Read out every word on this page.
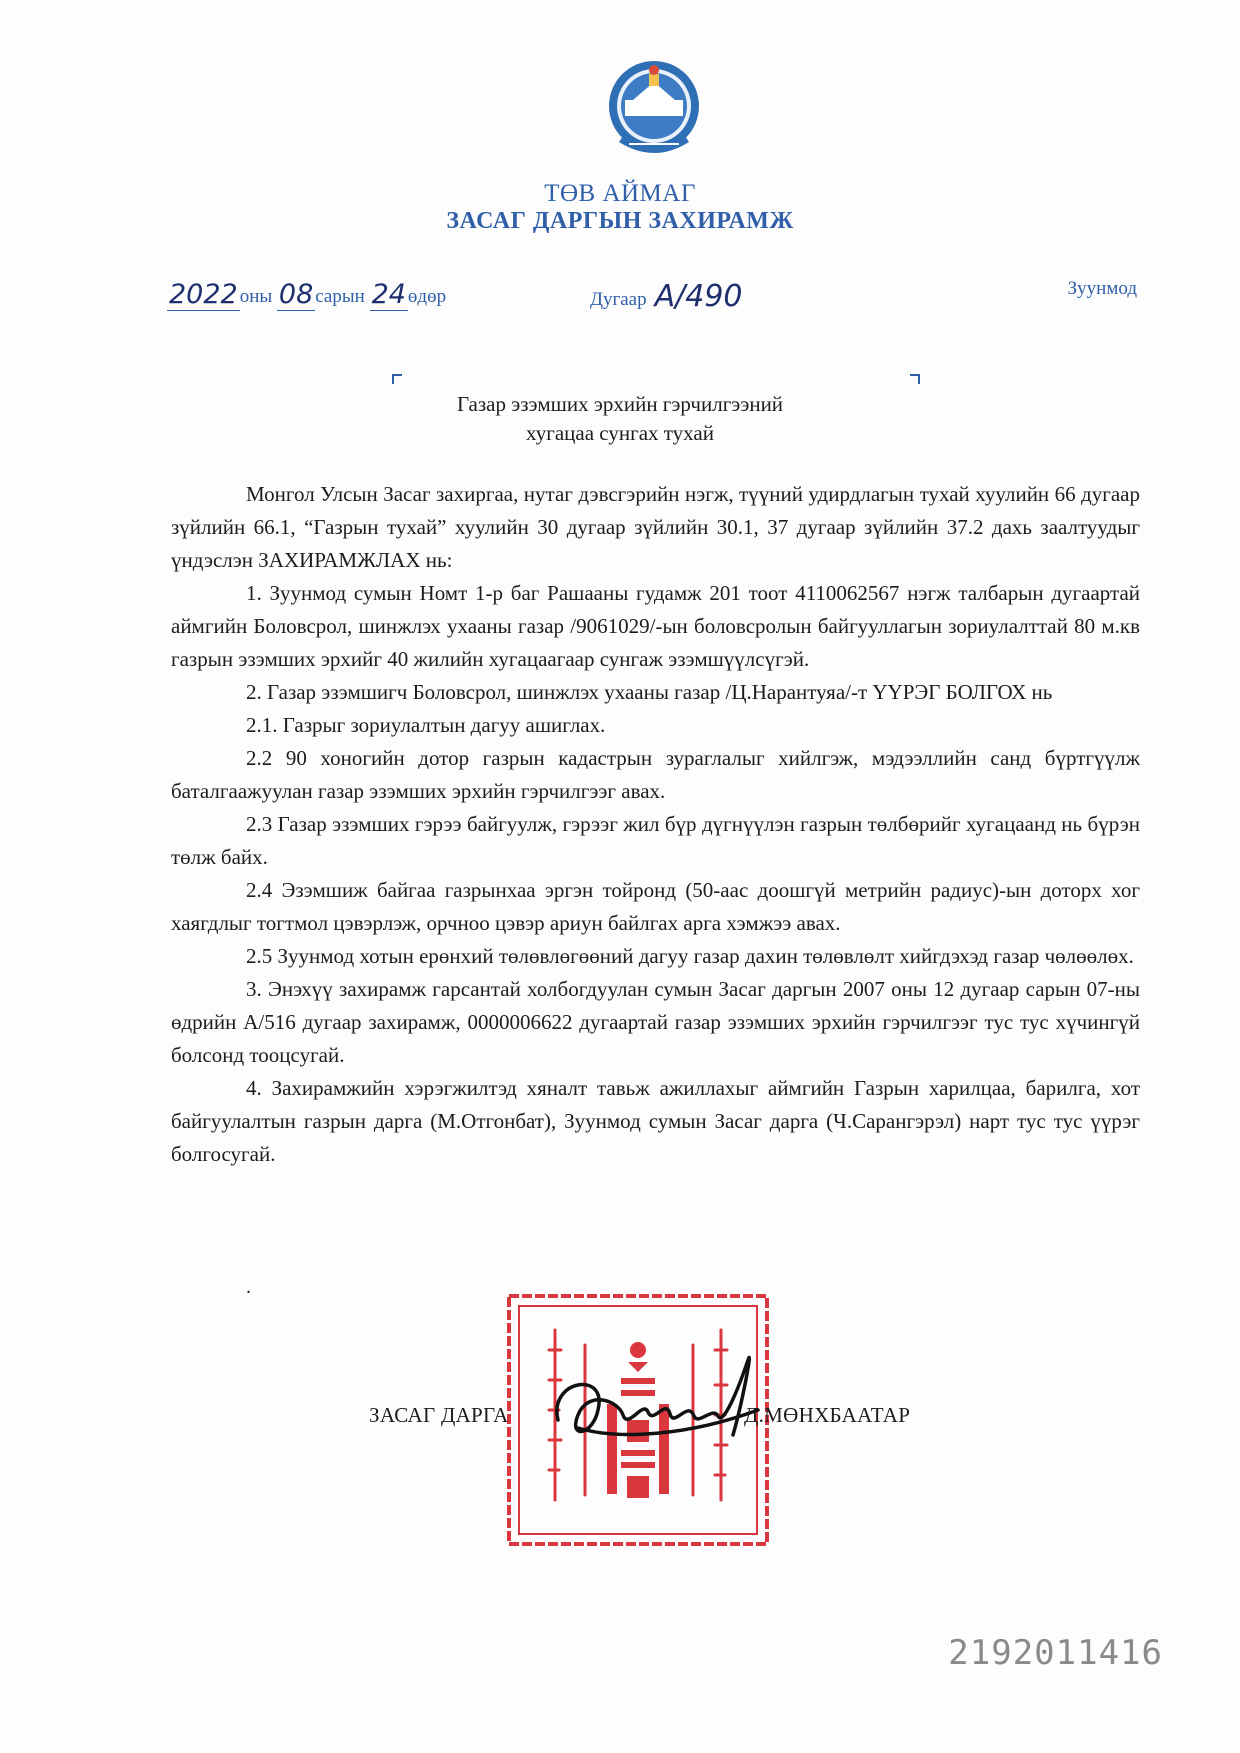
ТӨВ АЙМАГ
ЗАСАГ ДАРГЫН ЗАХИРАМЖ
2022 оны 08 сарын 24 өдөр	Дугаар А/490	Зуунмод
Газар эзэмших эрхийн гэрчилгээний
хугацаа сунгах тухай

Монгол Улсын Засаг захиргаа, нутаг дэвсгэрийн нэгж, түүний удирдлагын тухай хуулийн 66 дугаар зүйлийн 66.1, “Газрын тухай” хуулийн 30 дугаар зүйлийн 30.1, 37 дугаар зүйлийн 37.2 дахь заалтуудыг үндэслэн ЗАХИРАМЖЛАХ нь:

1. Зуунмод сумын Номт 1-р баг Рашааны гудамж 201 тоот 4110062567 нэгж талбарын дугаартай аймгийн Боловсрол, шинжлэх ухааны газар /9061029/-ын боловсролын байгууллагын зориулалттай 80 м.кв газрын эзэмших эрхийг 40 жилийн хугацаагаар сунгаж эзэмшүүлсүгэй.

2. Газар эзэмшигч Боловсрол, шинжлэх ухааны газар /Ц.Нарантуяа/-т ҮҮРЭГ БОЛГОХ нь

2.1. Газрыг зориулалтын дагуу ашиглах.

2.2 90 хоногийн дотор газрын кадастрын зураглалыг хийлгэж, мэдээллийн санд бүртгүүлж баталгаажуулан газар эзэмших эрхийн гэрчилгээг авах.

2.3 Газар эзэмших гэрээ байгуулж, гэрээг жил бүр дүгнүүлэн газрын төлбөрийг хугацаанд нь бүрэн төлж байх.

2.4 Эзэмшиж байгаа газрынхаа эргэн тойронд (50-аас доошгүй метрийн радиус)-ын доторх хог хаягдлыг тогтмол цэвэрлэж, орчноо цэвэр ариун байлгах арга хэмжээ авах.

2.5 Зуунмод хотын ерөнхий төлөвлөгөөний дагуу газар дахин төлөвлөлт хийгдэхэд газар чөлөөлөх.

3. Энэхүү захирамж гарсантай холбогдуулан сумын Засаг даргын 2007 оны 12 дугаар сарын 07-ны өдрийн А/516 дугаар захирамж, 0000006622 дугаартай газар эзэмших эрхийн гэрчилгээг тус тус хүчингүй болсонд тооцсугай.

4. Захирамжийн хэрэгжилтэд хяналт тавьж ажиллахыг аймгийн Газрын харилцаа, барилга, хот байгуулалтын газрын дарга (М.Отгонбат), Зуунмод сумын Засаг дарга (Ч.Сарангэрэл) нарт тус тус үүрэг болгосугай.

.
ЗАСАГ ДАРГА	Д.МӨНХБААТАР
2192011416
